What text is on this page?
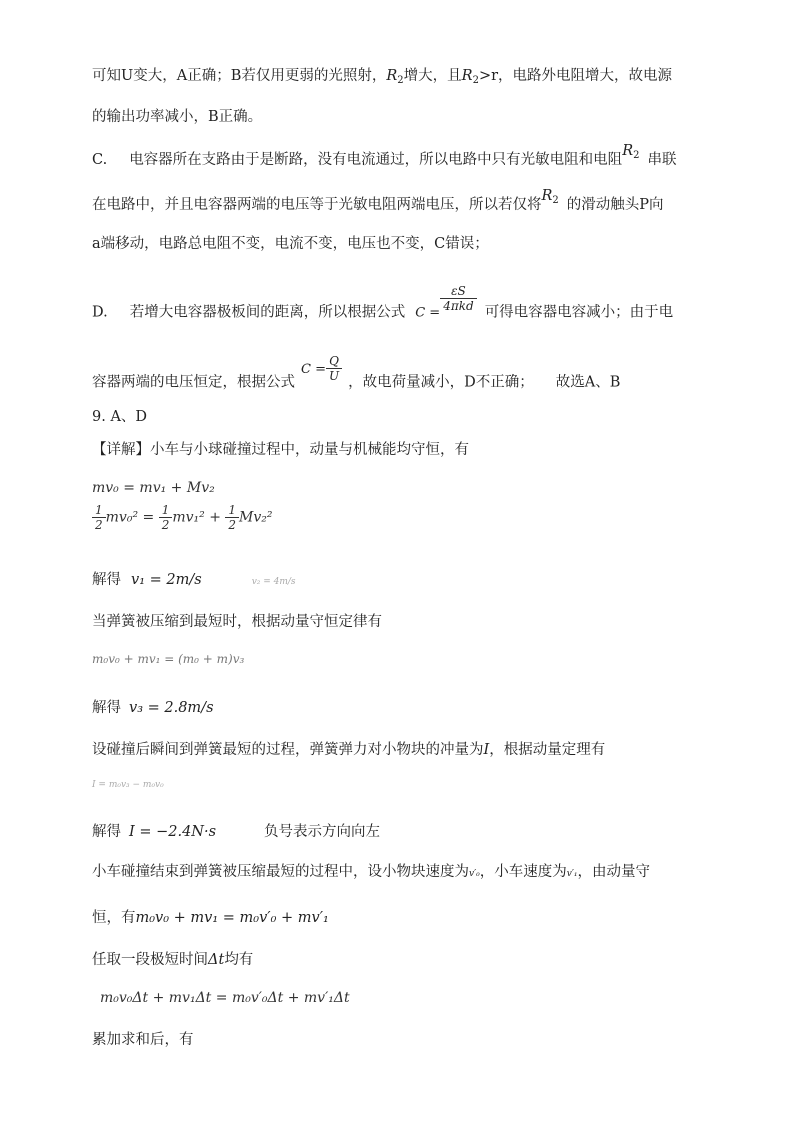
可知U变大，A正确；B若仅用更弱的光照射，$R_2$增大，且$R_2>r$，电路外电阻增大，故电源
的输出功率减小，B正确。
C. 电容器所在支路由于是断路，没有电流通过，所以电路中只有光敏电阻和电阻$R_2$ 串联
在电路中，并且电容器两端的电压等于光敏电阻两端电压，所以若仅将$R_2$ 的滑动触头P向
a端移动，电路总电阻不变，电流不变，电压也不变，C错误；
D. 若增大电容器极板间的距离，所以根据公式 $C = \frac{\varepsilon S}{\text{4πkd}}$ 可得电容器电容减小；由于电
容器两端的电压恒定，根据公式$C = \frac{Q}{U}$ ，故电荷量减小，D不正确； 故选A、B
9. A、D
【详解】小车与小球碰撞过程中，动量与机械能均守恒，有
mv₀ = mv₁ + Mv₂
$\frac{1}{2} mv_0^2 = \frac{1}{2} mv_1^2 + \frac{1}{2} Mv_2^2$
解得 v₁ = 2m/s	v₂ = 4m/s
当弹簧被压缩到最短时，根据动量守恒定律有
m₀v₀ + mv₁ = (m₀ + m)v₃
解得 v₃ = 2.8m/s
设碰撞后瞬间到弹簧最短的过程，弹簧弹力对小物块的冲量为I，根据动量定理有
I = m₀v₃ − m₀v₀
解得 I = −2.4N·s	负号表示方向向左
小车碰撞结束到弹簧被压缩最短的过程中，设小物块速度为v′₀，小车速度为v′₁，由动量守
恒，有m₀v₀ + mv₁ = m₀v′₀ + mv′₁
任取一段极短时间Δt均有
m₀v₀Δt + mv₁Δt = m₀v′₀Δt + mv′₁Δt
累加求和后，有
